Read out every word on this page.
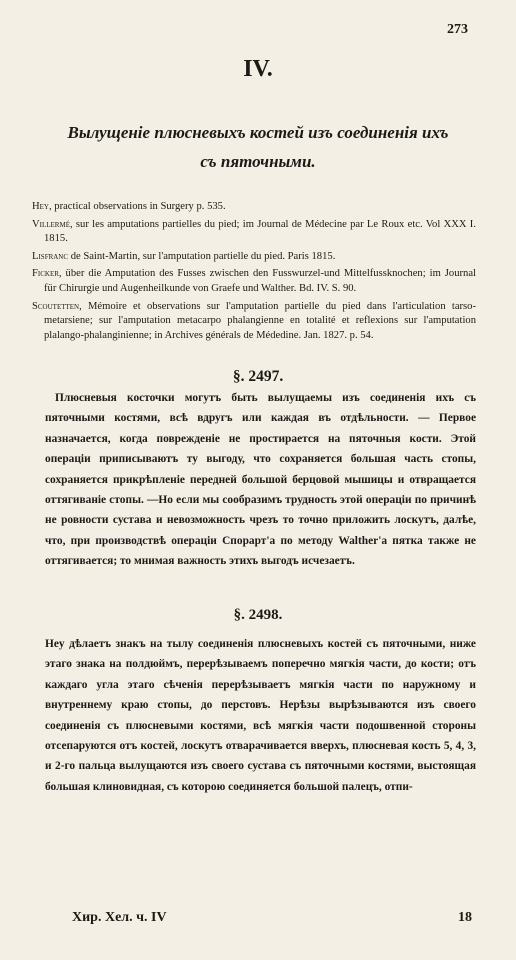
273
IV.
Вылущеніе плюсневыхъ костей изъ соединенія ихъ
съ пяточными.

Hey, practical observations in Surgery p. 535.

Villermé, sur les amputations partielles du pied; im Journal de Médecine par Le Roux etc. Vol XXX I. 1815.

Lisfranc de Saint-Martin, sur l'amputation partielle du pied. Paris 1815.

Ficker, über die Amputation des Fusses zwischen den Fusswurzel-und Mittelfussknochen; im Journal für Chirurgie und Augenheilkunde von Graefe und Walther. Bd. IV. S. 90.

Scoutetten, Mémoire et observations sur l'amputation partielle du pied dans l'articulation tarso-metarsiene; sur l'amputation metacarpo phalangienne en totalité et reflexions sur l'amputation plalango-phalanginienne; in Archives générals de Médedine. Jan. 1827. p. 54.

§. 2497.
Плюсневыя косточки могутъ быть вылущаемы изъ соединенія ихъ съ пяточными костями, всѣ вдругъ или каждая въ отдѣльности. — Первое назначается, когда поврежденіе не простирается на пяточныя кости. Этой операціи приписываютъ ту выгоду, что сохраняется большая часть стопы, сохраняется прикрѣпленіе передней большой берцовой мышицы и отвращается оттягиваніе стопы. —Но если мы сообразимъ трудность этой операціи по причинѣ не ровности сустава и невозможность чрезъ то точно приложить лоскутъ, далѣе, что, при производствѣ операціи Споpарт'а по методу Walther'а пятка также не оттягивается; то мнимая важность этихъ выгодъ исчезаетъ.
§. 2498.
Hey дѣлаетъ знакъ на тылу соединенія плюсневыхъ костей съ пяточными, ниже этаго знака на полдюймъ, перерѣзываемъ поперечно мягкія части, до кости; отъ каждаго угла этаго сѣченія перерѣзываетъ мягкія части по наружному и внутреннему краю стопы, до перстовъ. Нерѣзы вырѣзываются изъ своего соединенія съ плюсневыми костями, всѣ мягкія части подошвенной стороны отсепаруются отъ костей, лоскутъ отвaрачивается вверхъ, плюсневая кость 5, 4, 3, и 2-го пальца вылущаются изъ своего сустава съ пяточными костями, выстоящая большая клиновидная, съ которою соединяется большой палецъ, отпи-
Хир. Хел. ч. IV	18
